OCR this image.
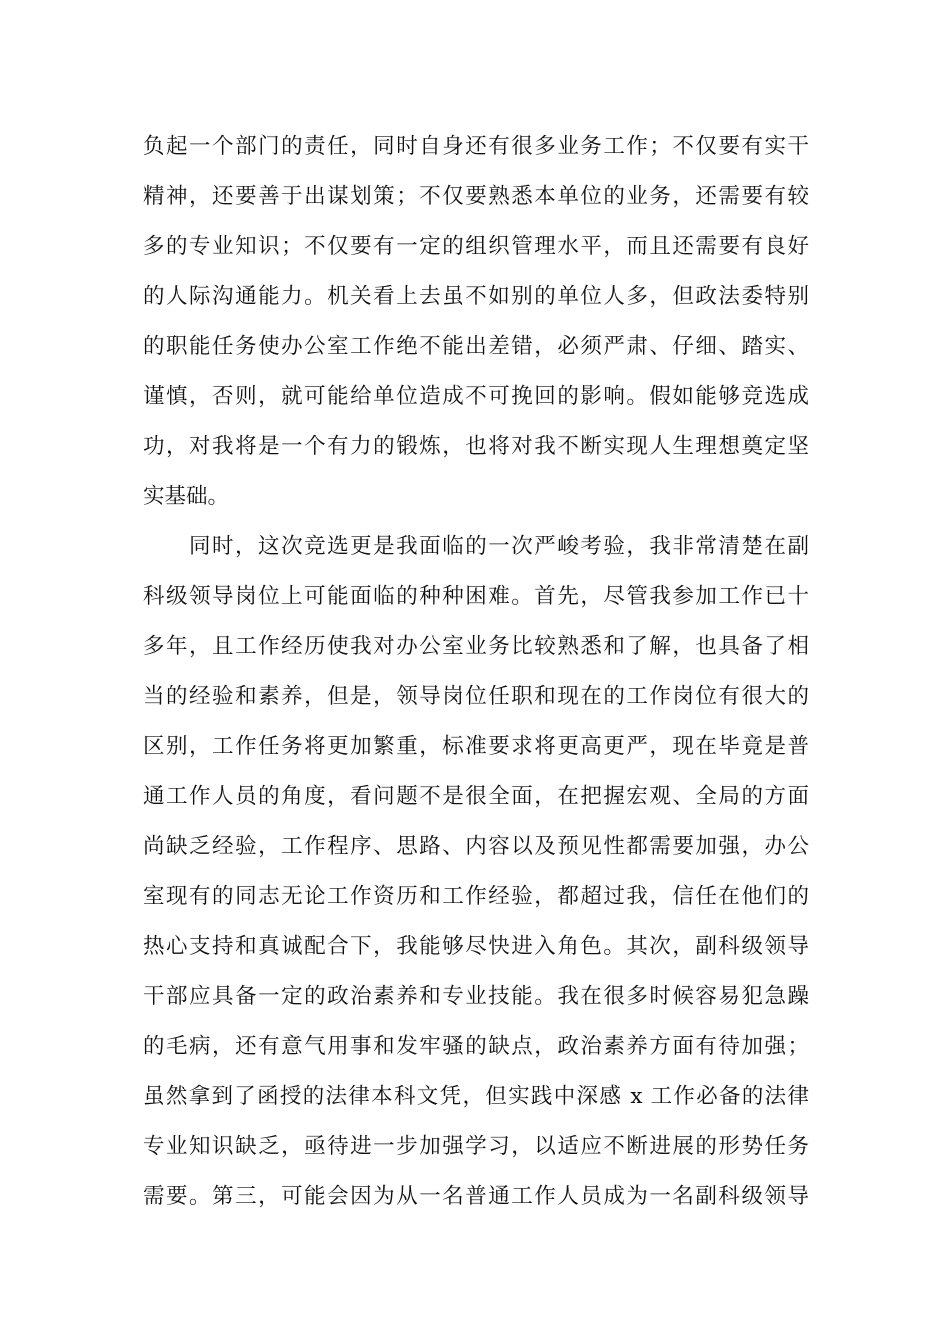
负起一个部门的责任，同时自身还有很多业务工作；不仅要有实干
精神，还要善于出谋划策；不仅要熟悉本单位的业务，还需要有较
多的专业知识；不仅要有一定的组织管理水平，而且还需要有良好
的人际沟通能力。机关看上去虽不如别的单位人多，但政法委特别
的职能任务使办公室工作绝不能出差错，必须严肃、仔细、踏实、
谨慎，否则，就可能给单位造成不可挽回的影响。假如能够竞选成
功，对我将是一个有力的锻炼，也将对我不断实现人生理想奠定坚
实基础。
同时，这次竞选更是我面临的一次严峻考验，我非常清楚在副
科级领导岗位上可能面临的种种困难。首先，尽管我参加工作已十
多年，且工作经历使我对办公室业务比较熟悉和了解，也具备了相
当的经验和素养，但是，领导岗位任职和现在的工作岗位有很大的
区别，工作任务将更加繁重，标准要求将更高更严，现在毕竟是普
通工作人员的角度，看问题不是很全面，在把握宏观、全局的方面
尚缺乏经验，工作程序、思路、内容以及预见性都需要加强，办公
室现有的同志无论工作资历和工作经验，都超过我，信任在他们的
热心支持和真诚配合下，我能够尽快进入角色。其次，副科级领导
干部应具备一定的政治素养和专业技能。我在很多时候容易犯急躁
的毛病，还有意气用事和发牢骚的缺点，政治素养方面有待加强；
虽然拿到了函授的法律本科文凭，但实践中深感 x 工作必备的法律
专业知识缺乏，亟待进一步加强学习，以适应不断进展的形势任务
需要。第三，可能会因为从一名普通工作人员成为一名副科级领导
